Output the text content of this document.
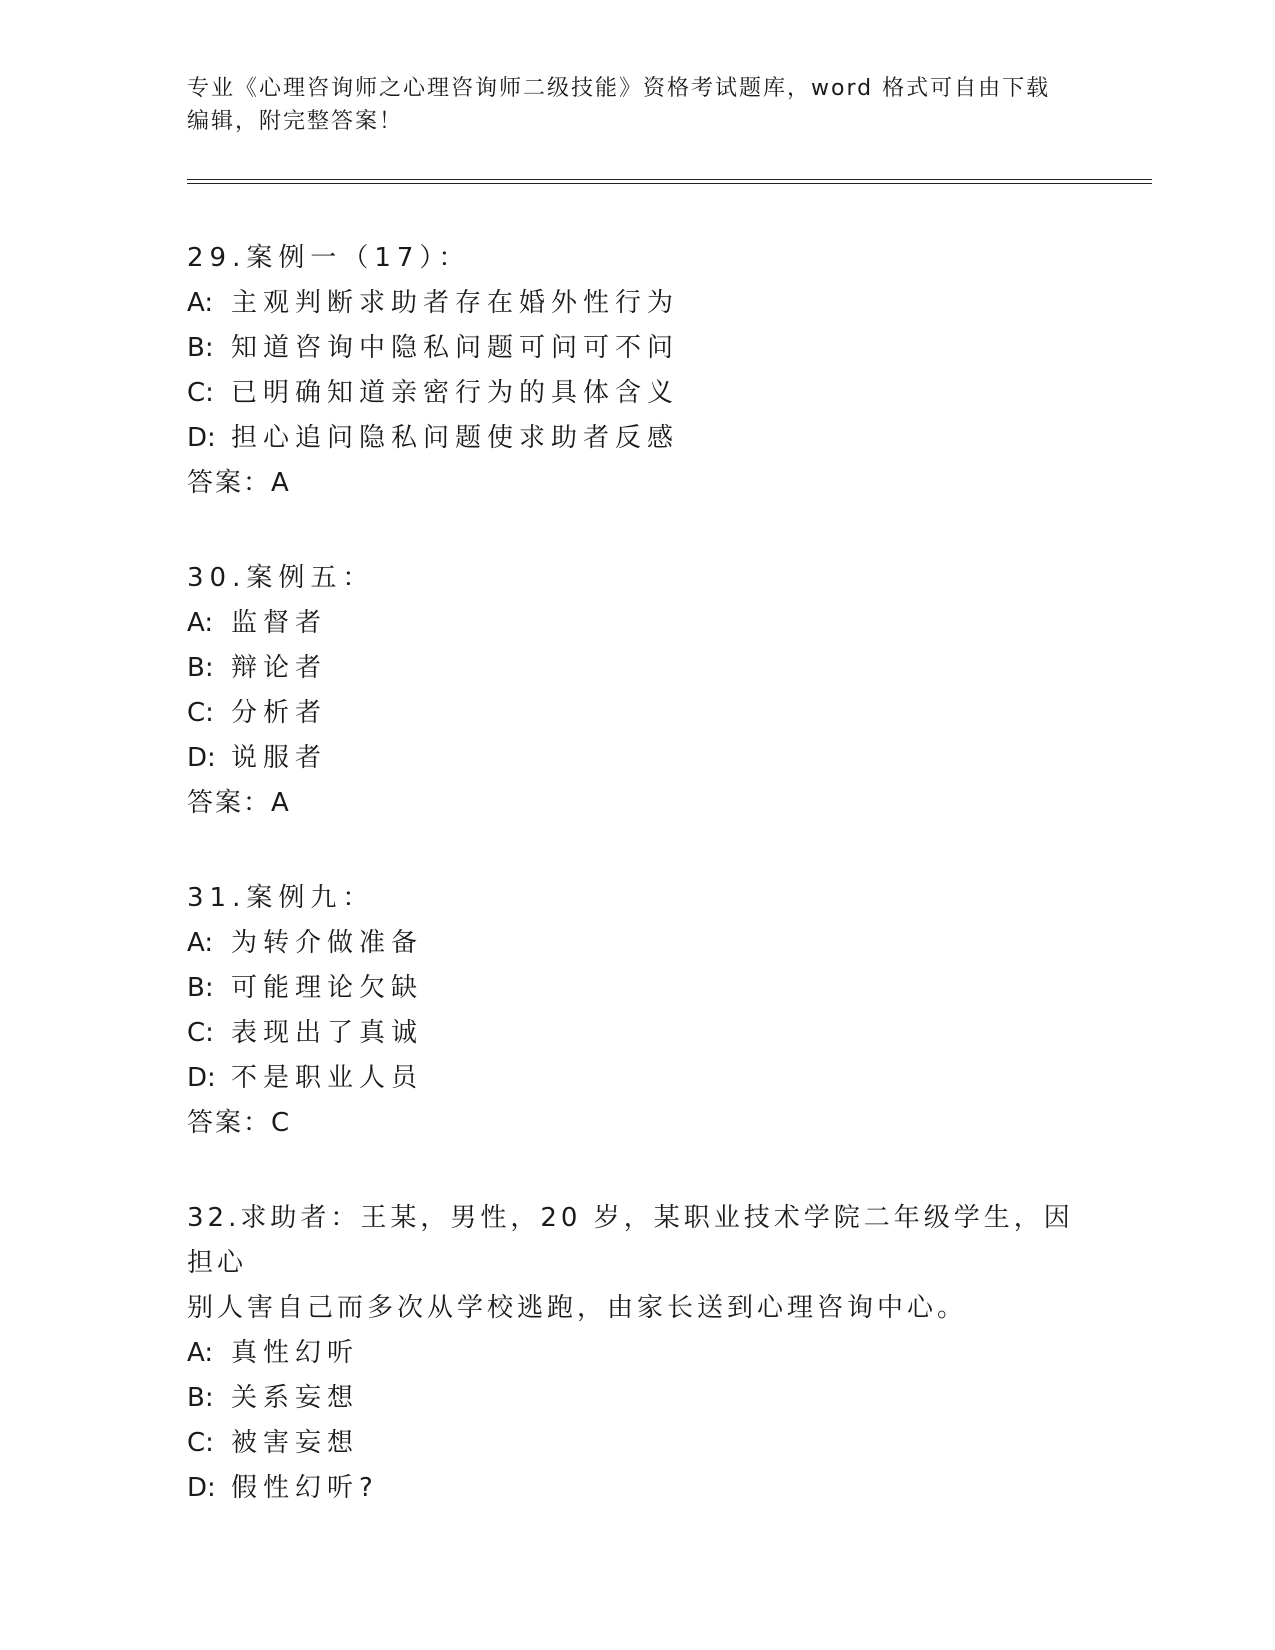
专业《心理咨询师之心理咨询师二级技能》资格考试题库，word 格式可自由下载
编辑，附完整答案！
29.案例一（17）：
A: 主观判断求助者存在婚外性行为
B: 知道咨询中隐私问题可问可不问
C: 已明确知道亲密行为的具体含义
D: 担心追问隐私问题使求助者反感
答案：A
30.案例五：
A: 监督者
B: 辩论者
C: 分析者
D: 说服者
答案：A
31.案例九：
A: 为转介做准备
B: 可能理论欠缺
C: 表现出了真诚
D: 不是职业人员
答案：C
32.求助者：王某，男性，20 岁，某职业技术学院二年级学生，因担心
别人害自己而多次从学校逃跑，由家长送到心理咨询中心。
A: 真性幻听
B: 关系妄想
C: 被害妄想
D: 假性幻听?
